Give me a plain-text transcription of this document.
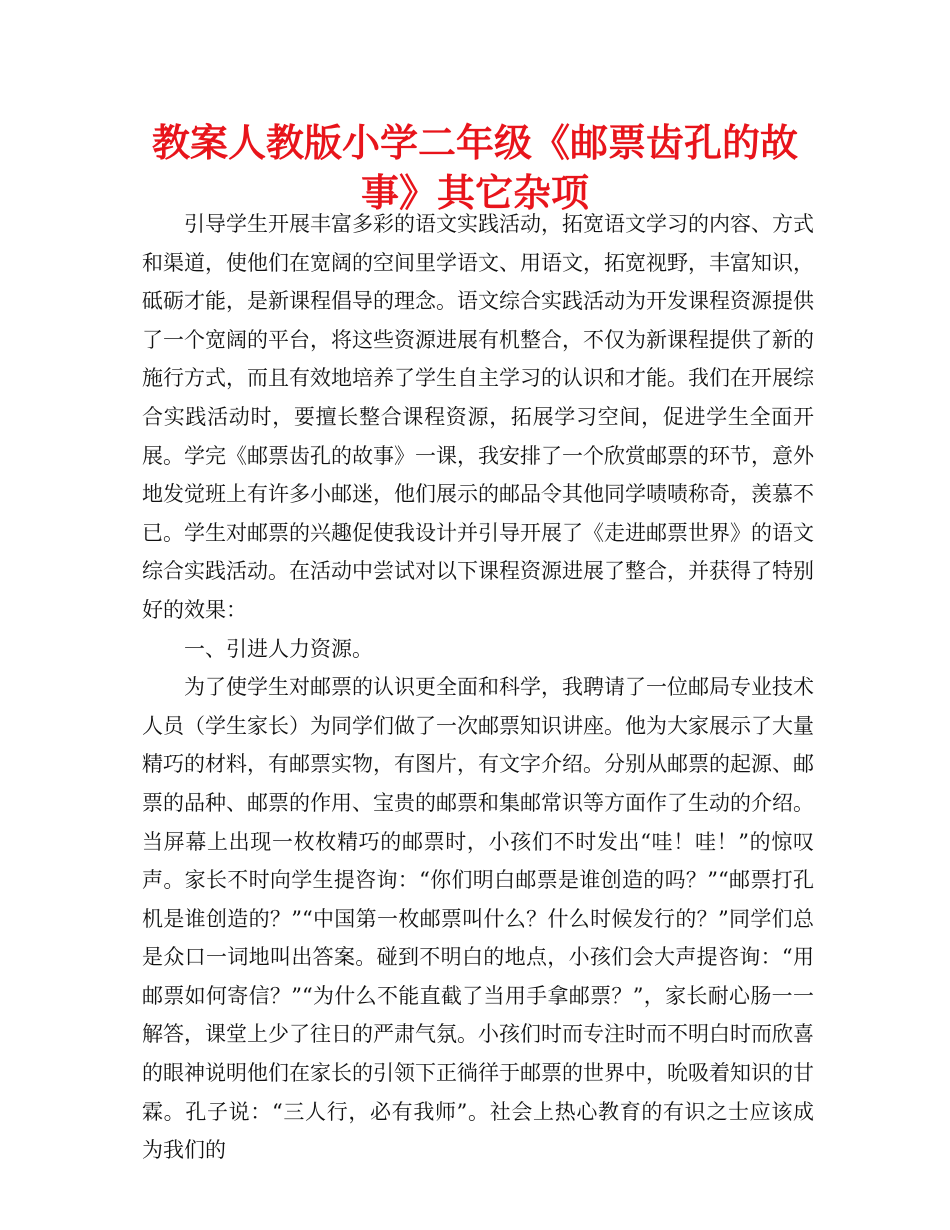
教案人教版小学二年级《邮票齿孔的故事》其它杂项

引导学生开展丰富多彩的语文实践活动，拓宽语文学习的内容、方式和渠道，使他们在宽阔的空间里学语文、用语文，拓宽视野，丰富知识，砥砺才能，是新课程倡导的理念。语文综合实践活动为开发课程资源提供了一个宽阔的平台，将这些资源进展有机整合，不仅为新课程提供了新的施行方式，而且有效地培养了学生自主学习的认识和才能。我们在开展综合实践活动时，要擅长整合课程资源，拓展学习空间，促进学生全面开展。学完《邮票齿孔的故事》一课，我安排了一个欣赏邮票的环节，意外地发觉班上有许多小邮迷，他们展示的邮品令其他同学啧啧称奇，羡慕不已。学生对邮票的兴趣促使我设计并引导开展了《走进邮票世界》的语文综合实践活动。在活动中尝试对以下课程资源进展了整合，并获得了特别好的效果：

一、引进人力资源。

为了使学生对邮票的认识更全面和科学，我聘请了一位邮局专业技术人员（学生家长）为同学们做了一次邮票知识讲座。他为大家展示了大量精巧的材料，有邮票实物，有图片，有文字介绍。分别从邮票的起源、邮票的品种、邮票的作用、宝贵的邮票和集邮常识等方面作了生动的介绍。当屏幕上出现一枚枚精巧的邮票时，小孩们不时发出“哇！哇！”的惊叹声。家长不时向学生提咨询：“你们明白邮票是谁创造的吗？”“邮票打孔机是谁创造的？”“中国第一枚邮票叫什么？什么时候发行的？”同学们总是众口一词地叫出答案。碰到不明白的地点，小孩们会大声提咨询：“用邮票如何寄信？”“为什么不能直截了当用手拿邮票？”，家长耐心肠一一解答，课堂上少了往日的严肃气氛。小孩们时而专注时而不明白时而欣喜的眼神说明他们在家长的引领下正徜徉于邮票的世界中，吮吸着知识的甘霖。孔子说：“三人行，必有我师”。社会上热心教育的有识之士应该成为我们的
